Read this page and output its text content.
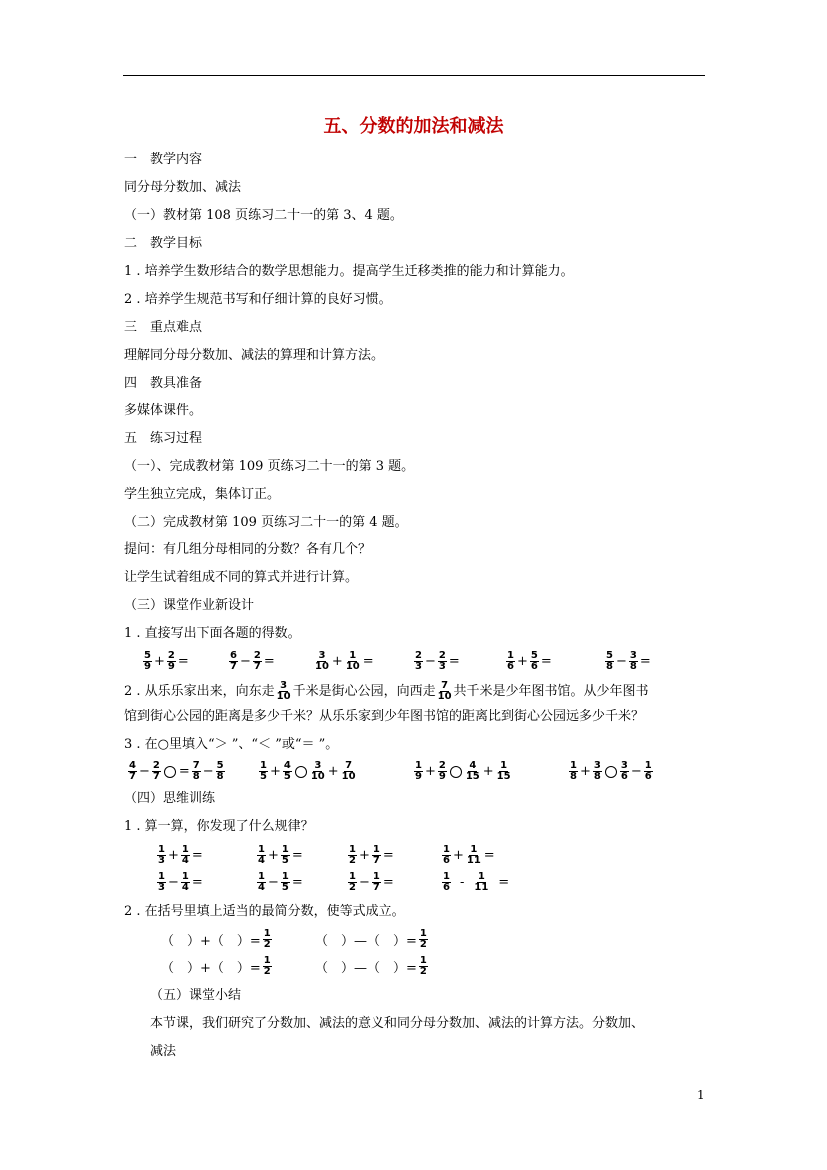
五、分数的加法和减法
一　教学内容
同分母分数加、减法
（一）教材第 108 页练习二十一的第 3、4 题。
二　教学目标
1 . 培养学生数形结合的数学思想能力。提高学生迁移类推的能力和计算能力。
2 . 培养学生规范书写和仔细计算的良好习惯。
三　重点难点
理解同分母分数加、减法的算理和计算方法。
四　教具准备
多媒体课件。
五　练习过程
（一）、完成教材第 109 页练习二十一的第 3 题。
学生独立完成，集体订正。
（二）完成教材第 109 页练习二十一的第 4 题。
提问：有几组分母相同的分数？各有几个？
让学生试着组成不同的算式并进行计算。
（三）课堂作业新设计
1 . 直接写出下面各题的得数。
$\frac{5}{9} + \frac{2}{9}$ =	$\frac{6}{7} - \frac{2}{7}$ =	$\frac{3}{10} + \frac{1}{10}$ =	$\frac{2}{3} - \frac{2}{3}$ =	$\frac{1}{6} + \frac{5}{6}$ =	$\frac{5}{8} - \frac{3}{8}$ =
2 . 从乐乐家出来，向东走 $\frac{3}{10}$ 千米是街心公园，向西走 $\frac{7}{10}$ 共千米是少年图书馆。从少年图书
馆到街心公园的距离是多少千米？从乐乐家到少年图书馆的距离比到街心公园远多少千米？
3 . 在○里填入“＞ ”、“＜ ”或“＝ ”。
$\frac{4}{7} - \frac{2}{7} = \frac{7}{8} - \frac{5}{8}$	$\frac{1}{5} + \frac{4}{5} \frac{3}{10} + \frac{7}{10}$	$\frac{1}{9} + \frac{2}{9} \frac{4}{15} + \frac{1}{15}$	$\frac{1}{8} + \frac{3}{8} \frac{3}{6} - \frac{1}{6}$
（四）思维训练
1 . 算一算，你发现了什么规律？
$\frac{1}{3} + \frac{1}{4}$ =	$\frac{1}{4} + \frac{1}{5}$ =	$\frac{1}{2} + \frac{1}{7}$ =	$\frac{1}{6} + \frac{1}{11}$ =
$\frac{1}{3} - \frac{1}{4}$ =	$\frac{1}{4} - \frac{1}{5}$ =	$\frac{1}{2} - \frac{1}{7}$ =	$\frac{1}{6} - \frac{1}{11}$ =
2 . 在括号里填上适当的最简分数，使等式成立。
（　）+（　）= $\frac{1}{2}$	（　）—（　）= $\frac{1}{2}$
（　）+（　）= $\frac{1}{2}$	（　）—（　）= $\frac{1}{2}$
（五）课堂小结
本节课，我们研究了分数加、减法的意义和同分母分数加、减法的计算方法。分数加、
减法
1
